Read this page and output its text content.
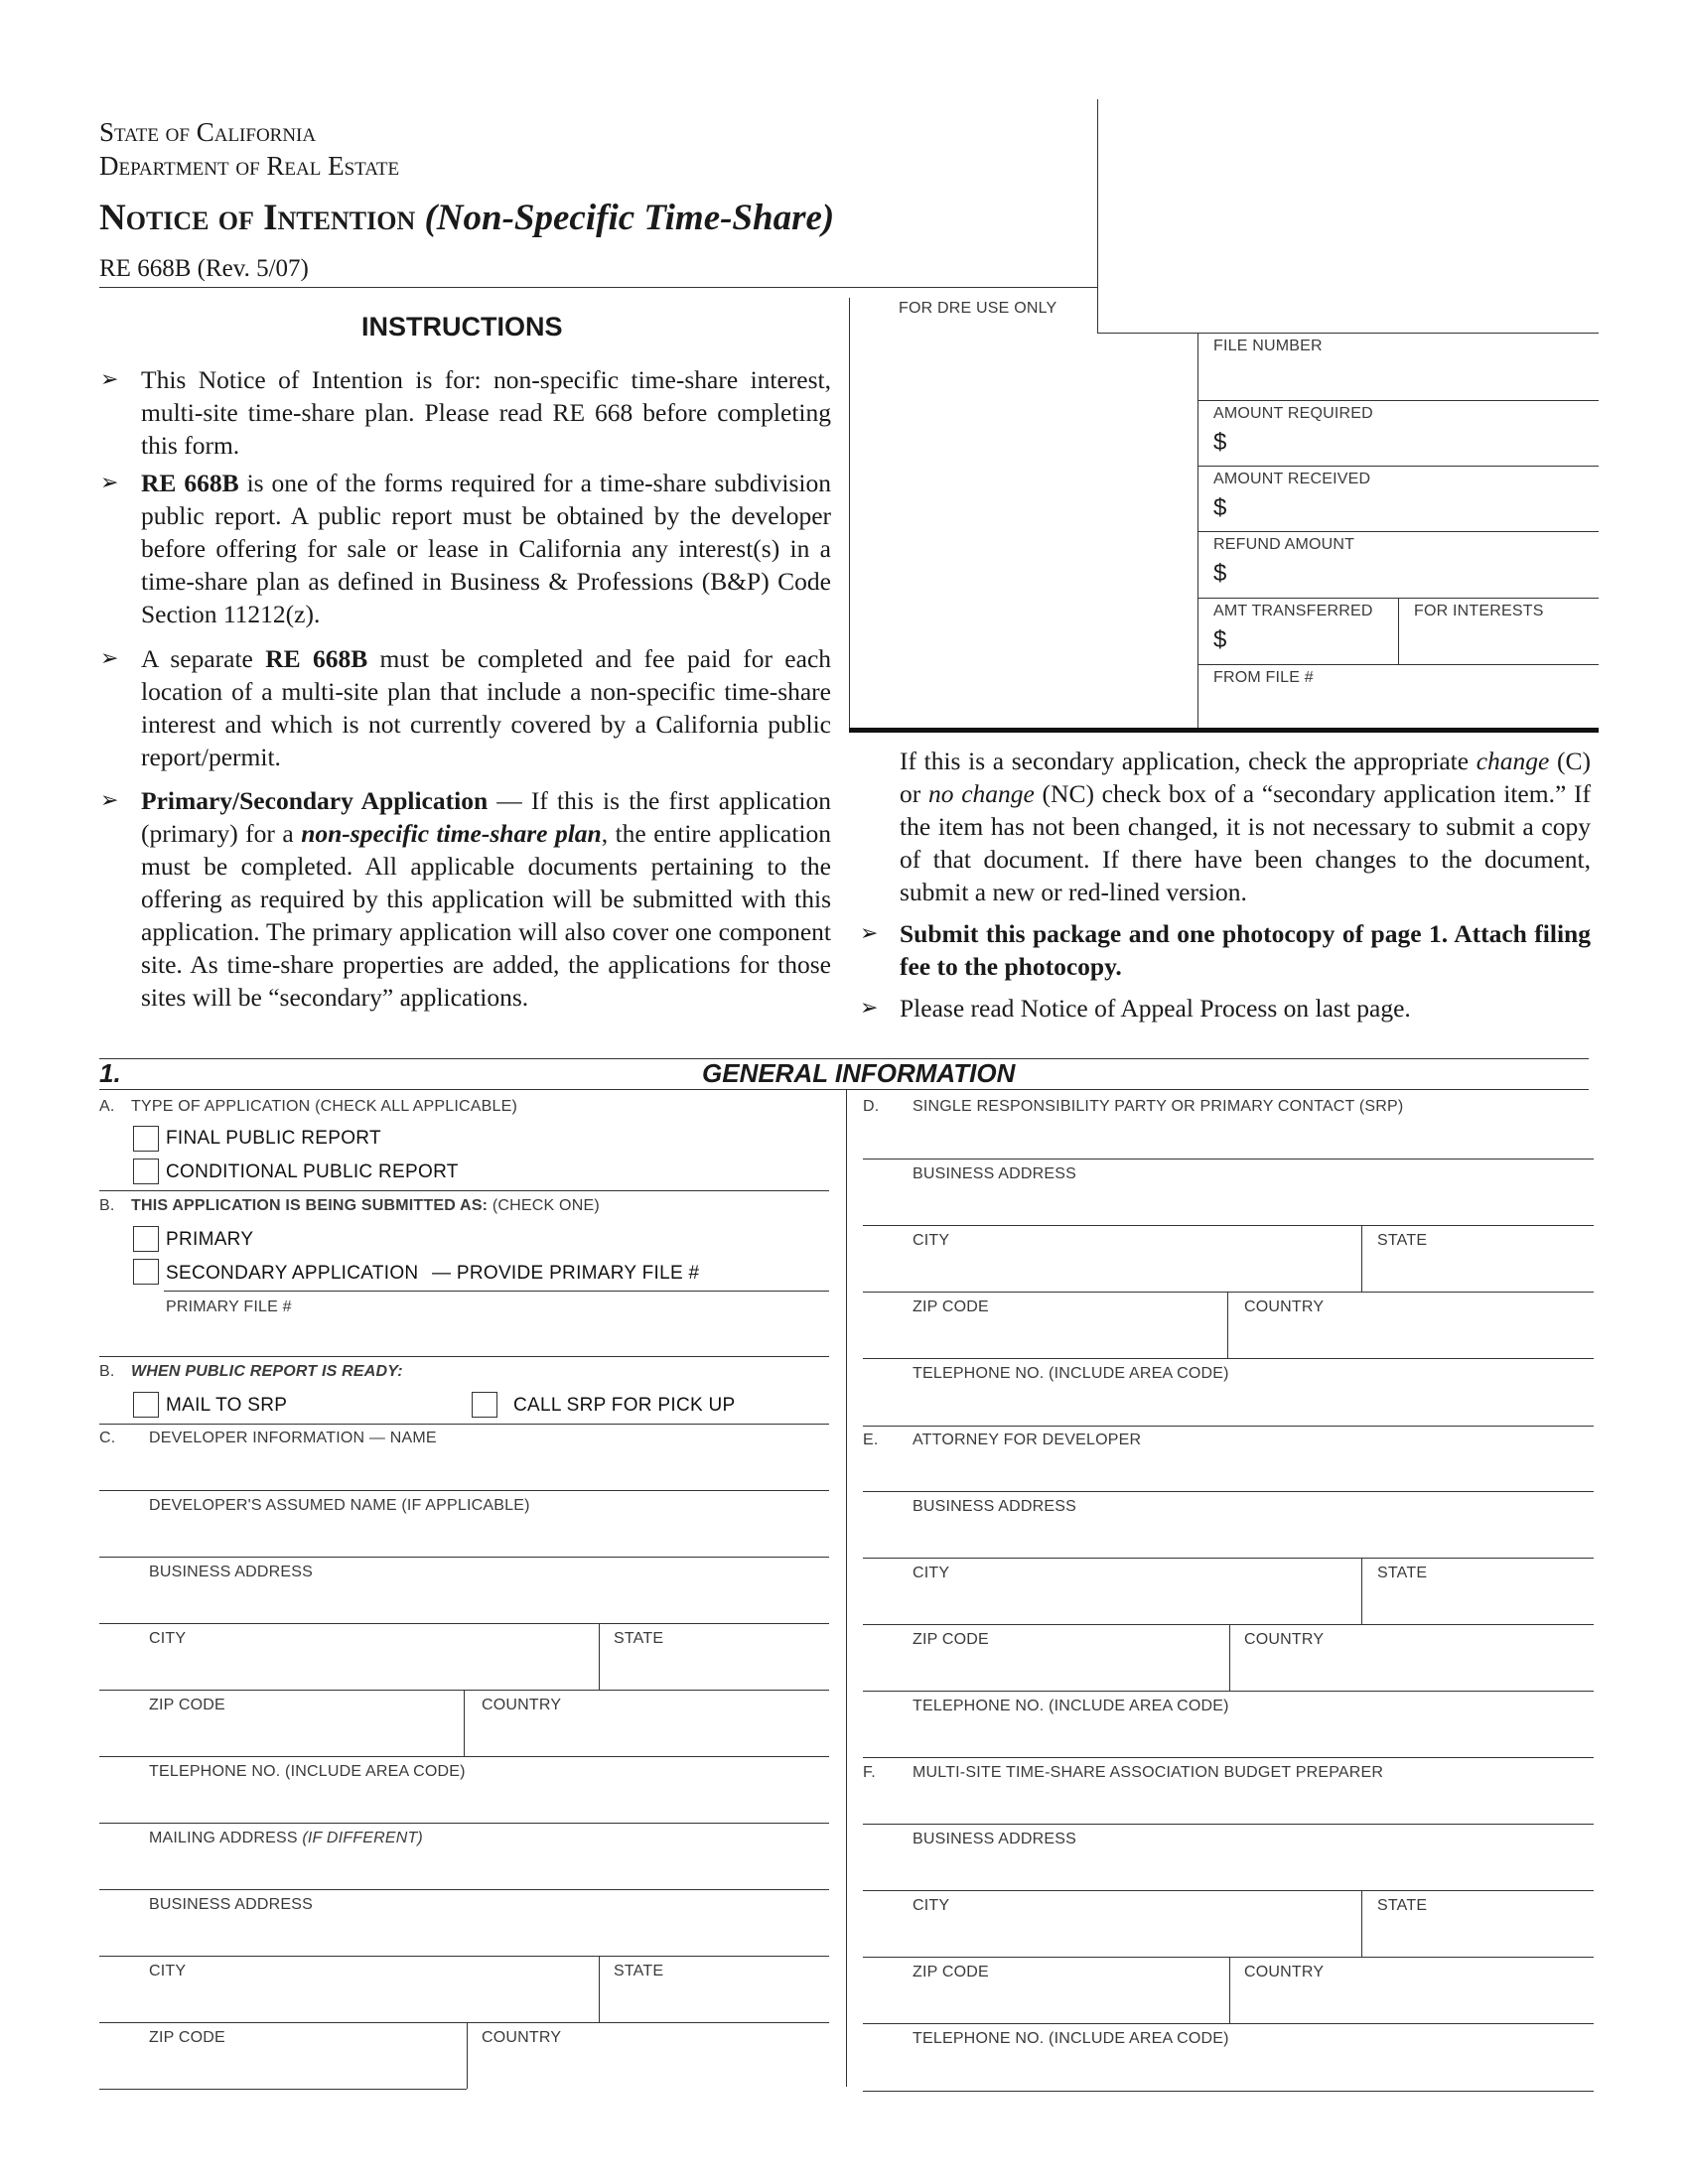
State of California
Department of Real Estate
Notice of Intention (Non-Specific Time-Share)
RE 668B (Rev. 5/07)
FOR DRE USE ONLY
FILE NUMBER
AMOUNT REQUIRED
$
AMOUNT RECEIVED
$
REFUND AMOUNT
$
AMT TRANSFERRED
$
FOR INTERESTS
FROM FILE #
INSTRUCTIONS
➢ This Notice of Intention is for: non-specific time-share interest, multi-site time-share plan. Please read RE 668 before completing this form.
➢ RE 668B is one of the forms required for a time-share subdivision public report. A public report must be obtained by the developer before offering for sale or lease in California any interest(s) in a time-share plan as defined in Business & Professions (B&P) Code Section 11212(z).
➢ A separate RE 668B must be completed and fee paid for each location of a multi-site plan that include a non-specific time-share interest and which is not currently covered by a California public report/permit.
➢ Primary/Secondary Application — If this is the first application (primary) for a non-specific time-share plan, the entire application must be completed. All applicable documents pertaining to the offering as required by this application will be submitted with this application. The primary application will also cover one component site. As time-share properties are added, the applications for those sites will be “secondary” applications.
If this is a secondary application, check the appropriate change (C) or no change (NC) check box of a “secondary application item.” If the item has not been changed, it is not necessary to submit a copy of that document. If there have been changes to the document, submit a new or red-lined version.
➢ Submit this package and one photocopy of page 1. Attach filing fee to the photocopy.
➢ Please read Notice of Appeal Process on last page.
1.	GENERAL INFORMATION
A. TYPE OF APPLICATION (CHECK ALL APPLICABLE)
FINAL PUBLIC REPORT
CONDITIONAL PUBLIC REPORT
B. THIS APPLICATION IS BEING SUBMITTED AS: (CHECK ONE)
PRIMARY
SECONDARY APPLICATION — PROVIDE PRIMARY FILE #
PRIMARY FILE #
B. WHEN PUBLIC REPORT IS READY:
MAIL TO SRP	CALL SRP FOR PICK UP
C. DEVELOPER INFORMATION — NAME
DEVELOPER'S ASSUMED NAME (IF APPLICABLE)
BUSINESS ADDRESS
CITY	STATE
ZIP CODE	COUNTRY
TELEPHONE NO. (INCLUDE AREA CODE)
MAILING ADDRESS (IF DIFFERENT)
BUSINESS ADDRESS
CITY	STATE
ZIP CODE	COUNTRY
D. SINGLE RESPONSIBILITY PARTY OR PRIMARY CONTACT (SRP)
BUSINESS ADDRESS
CITY	STATE
ZIP CODE	COUNTRY
TELEPHONE NO. (INCLUDE AREA CODE)
E. ATTORNEY FOR DEVELOPER
BUSINESS ADDRESS
CITY	STATE
ZIP CODE	COUNTRY
TELEPHONE NO. (INCLUDE AREA CODE)
F. MULTI-SITE TIME-SHARE ASSOCIATION BUDGET PREPARER
BUSINESS ADDRESS
CITY	STATE
ZIP CODE	COUNTRY
TELEPHONE NO. (INCLUDE AREA CODE)
